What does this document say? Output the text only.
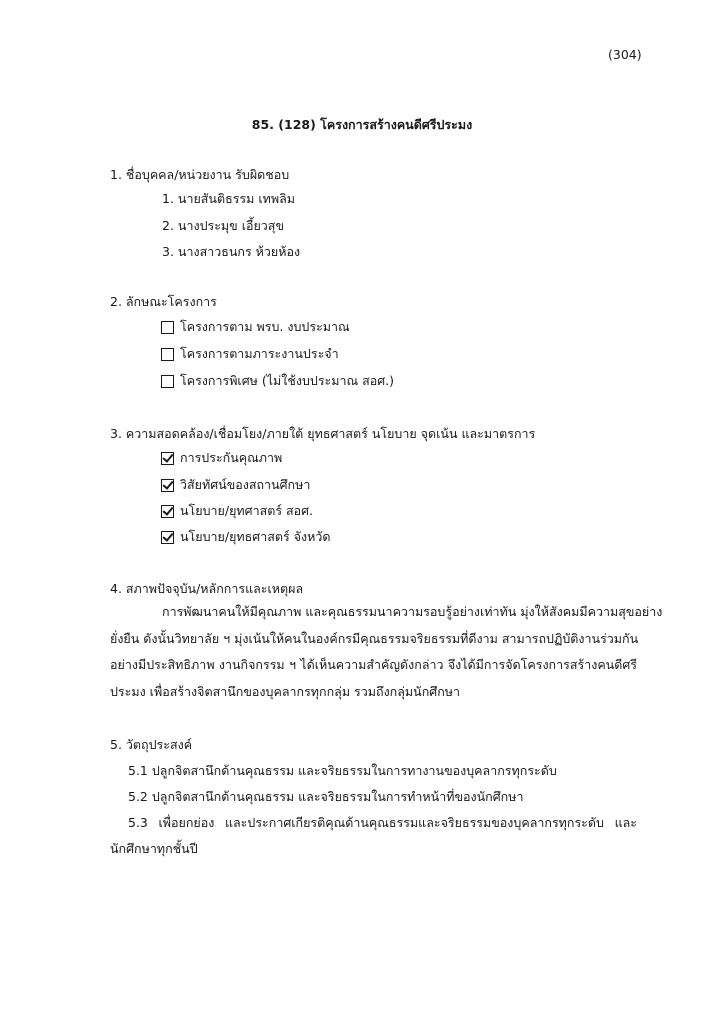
(304)
85. (128) โครงการสร้างคนดีศรีประมง
1. ชื่อบุคคล/หน่วยงาน รับผิดชอบ
1. นายสันติธรรม เทพลิม
2. นางประมุข เอี้ยวสุข
3. นางสาวธนกร ห้วยห้อง
2. ลักษณะโครงการ
โครงการตาม พรบ. งบประมาณ
โครงการตามภาระงานประจำ
โครงการพิเศษ (ไม่ใช้งบประมาณ สอศ.)
3. ความสอดคล้อง/เชื่อมโยง/ภายใต้ ยุทธศาสตร์ นโยบาย จุดเน้น และมาตรการ
การประกันคุณภาพ
วิสัยทัศน์ของสถานศึกษา
นโยบาย/ยุทศาสตร์ สอศ.
นโยบาย/ยุทธศาสตร์ จังหวัด
4. สภาพปัจจุบัน/หลักการและเหตุผล
การพัฒนาคนให้มีคุณภาพ และคุณธรรมนาความรอบรู้อย่างเท่าทัน มุ่งให้สังคมมีความสุขอย่าง
ยั่งยืน ดังนั้นวิทยาลัย ฯ มุ่งเน้นให้คนในองค์กรมีคุณธรรมจริยธรรมที่ดีงาม สามารถปฏิบัติงานร่วมกัน
อย่างมีประสิทธิภาพ งานกิจกรรม ฯ ได้เห็นความสำคัญดังกล่าว จึงได้มีการจัดโครงการสร้างคนดีศรี
ประมง เพื่อสร้างจิตสานึกของบุคลากรทุกกลุ่ม รวมถึงกลุ่มนักศึกษา
5. วัตถุประสงค์
5.1 ปลูกจิตสานึกด้านคุณธรรม และจริยธรรมในการทางานของบุคลากรทุกระดับ
5.2 ปลูกจิตสานึกด้านคุณธรรม และจริยธรรมในการทำหน้าที่ของนักศึกษา
5.3 เพื่อยกย่อง และประกาศเกียรติคุณด้านคุณธรรมและจริยธรรมของบุคลากรทุกระดับ และ
นักศึกษาทุกชั้นปี
